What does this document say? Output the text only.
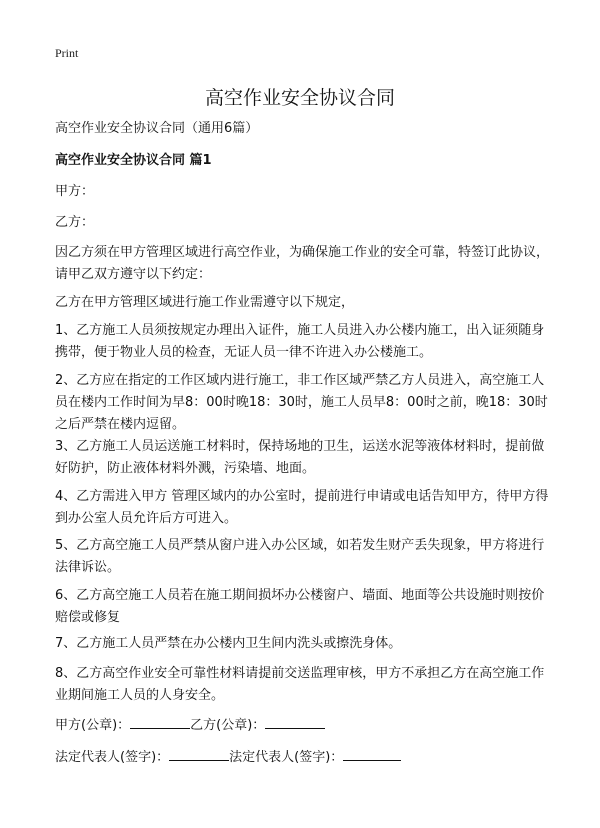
Print
高空作业安全协议合同
高空作业安全协议合同（通用6篇）
高空作业安全协议合同 篇1
甲方：
乙方：
因乙方须在甲方管理区域进行高空作业，为确保施工作业的安全可靠，特签订此协议，请甲乙双方遵守以下约定：
乙方在甲方管理区域进行施工作业需遵守以下规定，
1、乙方施工人员须按规定办理出入证件，施工人员进入办公楼内施工，出入证须随身携带，便于物业人员的检查，无证人员一律不许进入办公楼施工。
2、乙方应在指定的工作区域内进行施工，非工作区域严禁乙方人员进入，高空施工人员在楼内工作时间为早8：00时晚18：30时，施工人员早8：00时之前，晚18：30时之后严禁在楼内逗留。
3、乙方施工人员运送施工材料时，保持场地的卫生，运送水泥等液体材料时，提前做好防护，防止液体材料外溅，污染墙、地面。
4、乙方需进入甲方 管理区域内的办公室时，提前进行申请或电话告知甲方，待甲方得到办公室人员允许后方可进入。
5、乙方高空施工人员严禁从窗户进入办公区域，如若发生财产丢失现象，甲方将进行法律诉讼。
6、乙方高空施工人员若在施工期间损坏办公楼窗户、墙面、地面等公共设施时则按价赔偿或修复
7、乙方施工人员严禁在办公楼内卫生间内洗头或擦洗身体。
8、乙方高空作业安全可靠性材料请提前交送监理审核，甲方不承担乙方在高空施工作业期间施工人员的人身安全。
甲方(公章)：	乙方(公章)：
法定代表人(签字)：	法定代表人(签字)：
